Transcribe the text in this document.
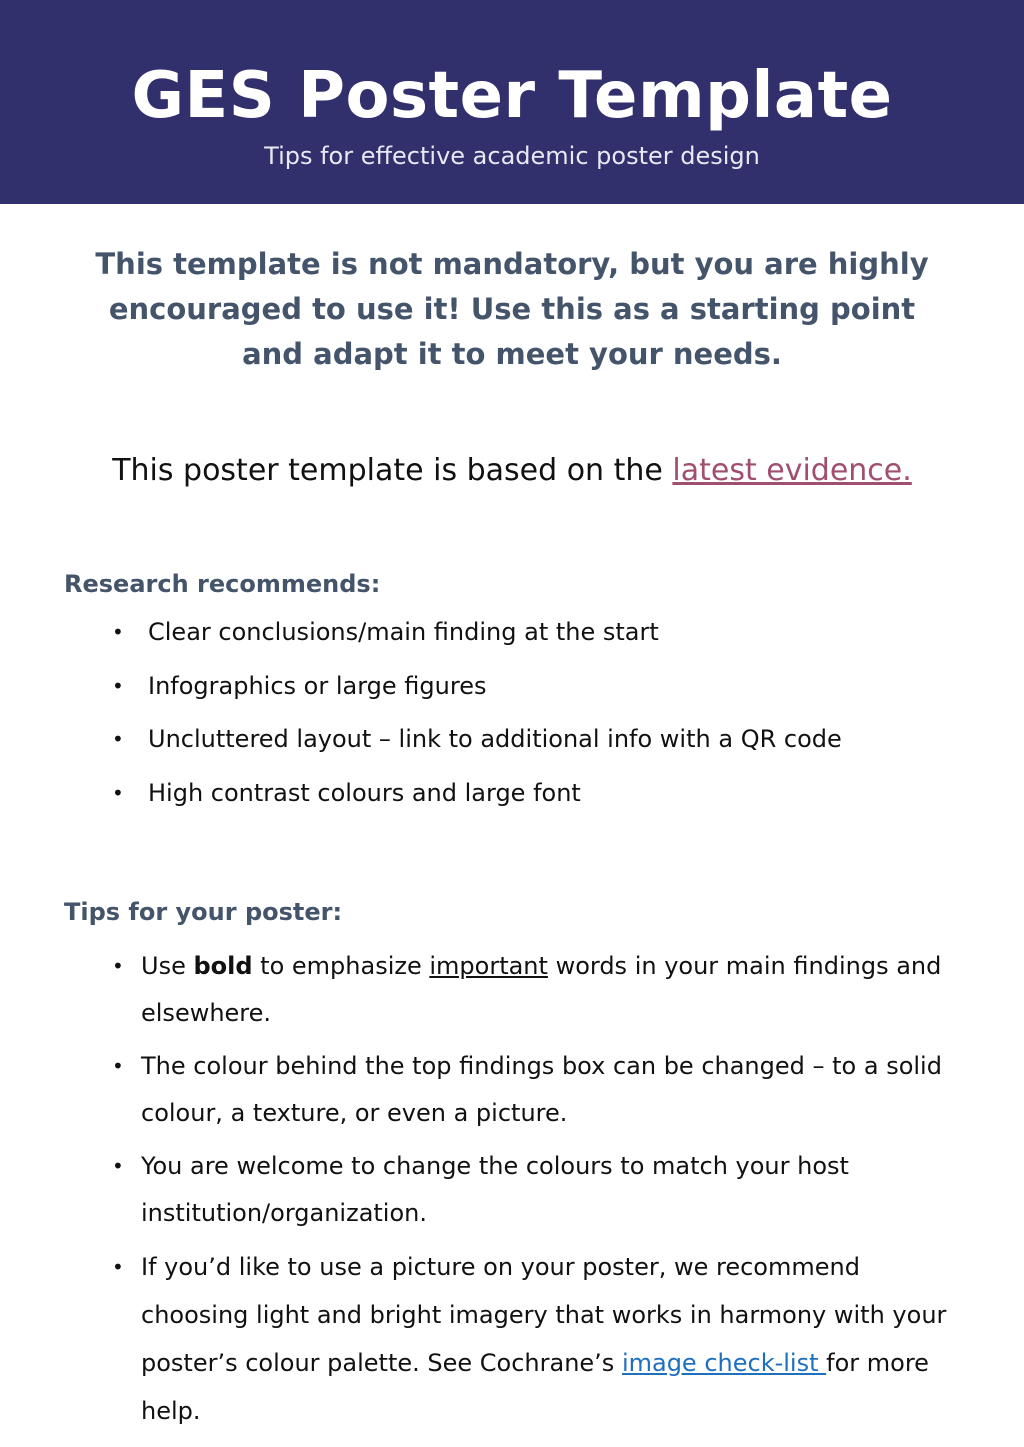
GES Poster Template
Tips for effective academic poster design
This template is not mandatory, but you are highly encouraged to use it! Use this as a starting point and adapt it to meet your needs.
This poster template is based on the latest evidence.
Research recommends:
• Clear conclusions/main finding at the start
• Infographics or large figures
• Uncluttered layout – link to additional info with a QR code
• High contrast colours and large font
Tips for your poster:
• Use bold to emphasize important words in your main findings and elsewhere.
• The colour behind the top findings box can be changed – to a solid colour, a texture, or even a picture.
• You are welcome to change the colours to match your host institution/organization.
• If you’d like to use a picture on your poster, we recommend choosing light and bright imagery that works in harmony with your poster’s colour palette. See Cochrane’s image check-list for more help.
